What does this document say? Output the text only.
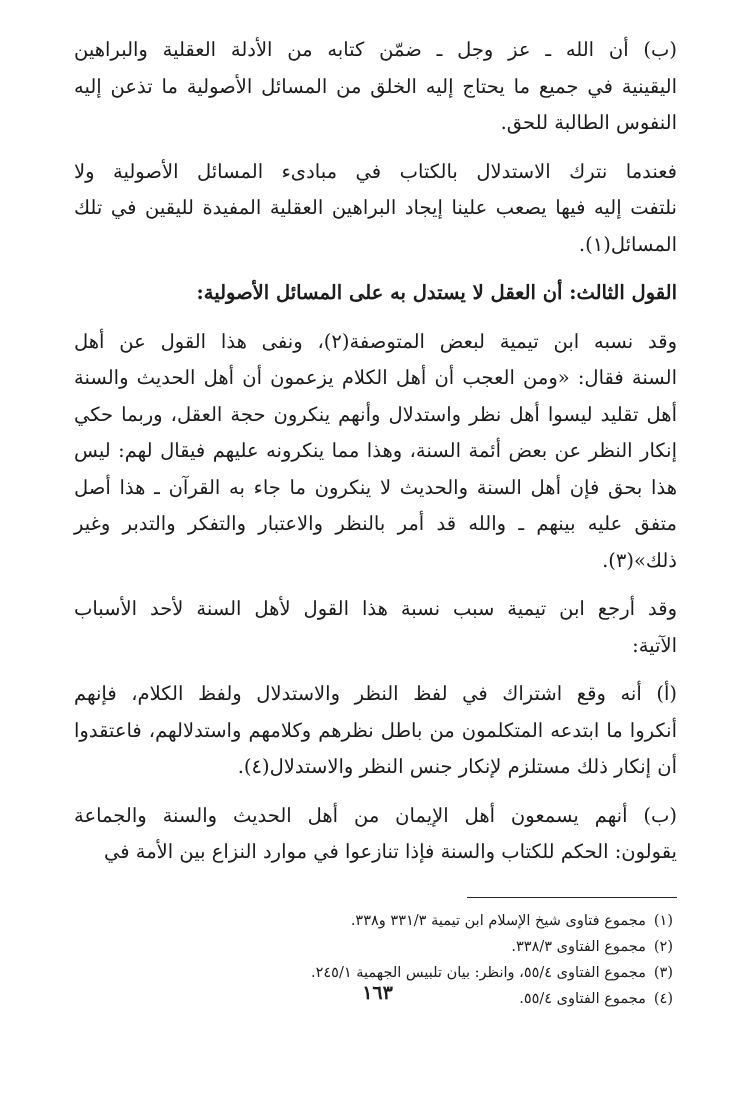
(ب) أن الله ـ عز وجل ـ ضمّن كتابه من الأدلة العقلية والبراهين
اليقينية في جميع ما يحتاج إليه الخلق من المسائل الأصولية ما تذعن إليه
النفوس الطالبة للحق.

فعندما نترك الاستدلال بالكتاب في مبادىء المسائل الأصولية ولا
نلتفت إليه فيها يصعب علينا إيجاد البراهين العقلية المفيدة لليقين في تلك
المسائل(١).

القول الثالث: أن العقل لا يستدل به على المسائل الأصولية:

وقد نسبه ابن تيمية لبعض المتوصفة(٢)، ونفى هذا القول عن أهل
السنة فقال: «ومن العجب أن أهل الكلام يزعمون أن أهل الحديث والسنة
أهل تقليد ليسوا أهل نظر واستدلال وأنهم ينكرون حجة العقل، وربما حكي
إنكار النظر عن بعض أئمة السنة، وهذا مما ينكرونه عليهم فيقال لهم: ليس
هذا بحق فإن أهل السنة والحديث لا ينكرون ما جاء به القرآن ـ هذا أصل
متفق عليه بينهم ـ والله قد أمر بالنظر والاعتبار والتفكر والتدبر وغير
ذلك»(٣).

وقد أرجع ابن تيمية سبب نسبة هذا القول لأهل السنة لأحد الأسباب
الآتية:

(أ) أنه وقع اشتراك في لفظ النظر والاستدلال ولفظ الكلام، فإنهم
أنكروا ما ابتدعه المتكلمون من باطل نظرهم وكلامهم واستدلالهم، فاعتقدوا
أن إنكار ذلك مستلزم لإنكار جنس النظر والاستدلال(٤).

(ب) أنهم يسمعون أهل الإيمان من أهل الحديث والسنة والجماعة
يقولون: الحكم للكتاب والسنة فإذا تنازعوا في موارد النزاع بين الأمة في

(١)مجموع فتاوى شيخ الإسلام ابن تيمية ٣٣١/٣ و٣٣٨.
(٢)مجموع الفتاوى ٣٣٨/٣.
(٣)مجموع الفتاوى ٥٥/٤، وانظر: بيان تلبيس الجهمية ٢٤٥/١.
(٤)مجموع الفتاوى ٥٥/٤.
١٦٣
